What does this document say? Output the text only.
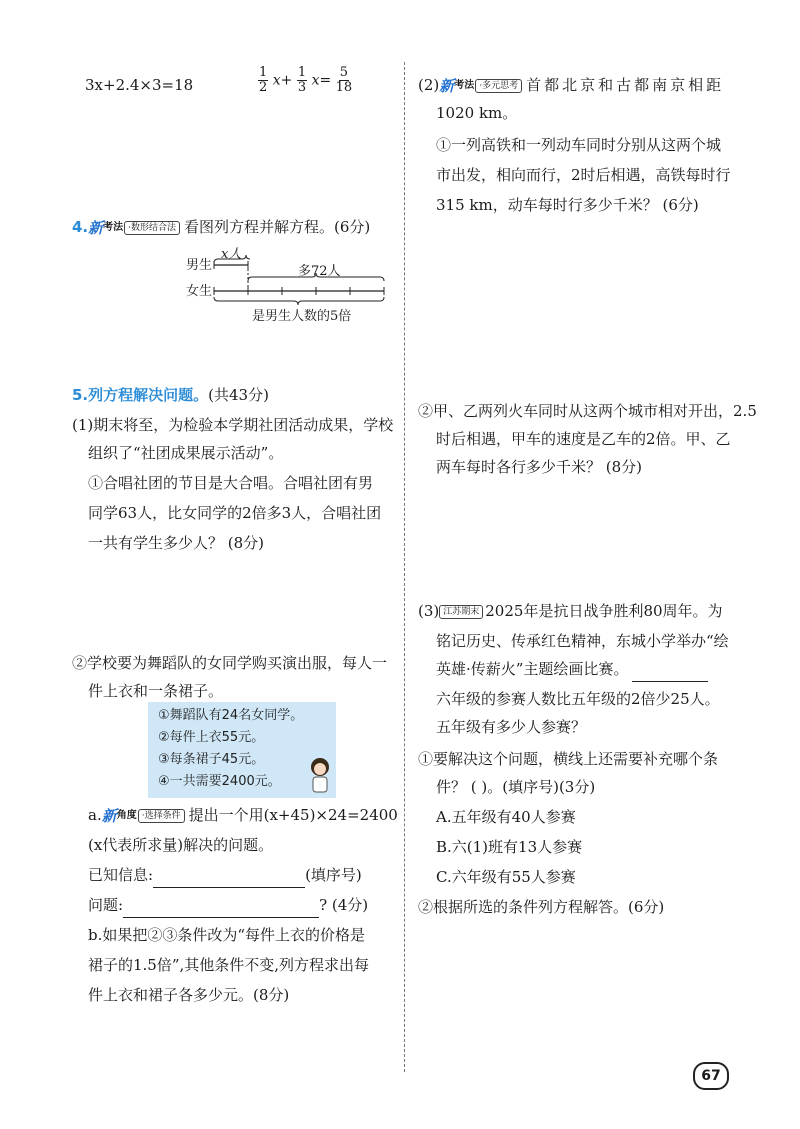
3x+2.4×3=18	$\frac{1}{2} x+ \frac{1}{3} x= \frac{5}{18}$
4. 新 考法 ·数形结合法 看图列方程并解方程。(6分)
男生
女生
x人
多72人
是男生人数的5倍
5.列方程解决问题。(共43分)
(1)期末将至，为检验本学期社团活动成果，学校
组织了“社团成果展示活动”。
①合唱社团的节目是大合唱。合唱社团有男
同学63人，比女同学的2倍多3人，合唱社团
一共有学生多少人？ (8分)
②学校要为舞蹈队的女同学购买演出服，每人一
件上衣和一条裙子。
①舞蹈队有24名女同学。
②每件上衣55元。
③每条裙子45元。
④一共需要2400元。
a. 新 角度 ·选择条件 提出一个用(x+45)×24=2400
(x代表所求量)解决的问题。
已知信息:	(填序号)
问题:	? (4分)
b.如果把②③条件改为“每件上衣的价格是
裙子的1.5倍”,其他条件不变,列方程求出每
件上衣和裙子各多少元。(8分)
(2) 新 考法 ·多元思考 首都北京和古都南京相距
1020 km。
①一列高铁和一列动车同时分别从这两个城
市出发，相向而行，2时后相遇，高铁每时行
315 km，动车每时行多少千米？ (6分)
②甲、乙两列火车同时从这两个城市相对开出，2.5
时后相遇，甲车的速度是乙车的2倍。甲、乙
两车每时各行多少千米？ (8分)
(3) 江苏期末 2025年是抗日战争胜利80周年。为
铭记历史、传承红色精神，东城小学举办“绘
英雄·传薪火”主题绘画比赛。
六年级的参赛人数比五年级的2倍少25人。
五年级有多少人参赛？
①要解决这个问题，横线上还需要补充哪个条
件？ ( )。(填序号)(3分)
A.五年级有40人参赛
B.六(1)班有13人参赛
C.六年级有55人参赛
②根据所选的条件列方程解答。(6分)
67
